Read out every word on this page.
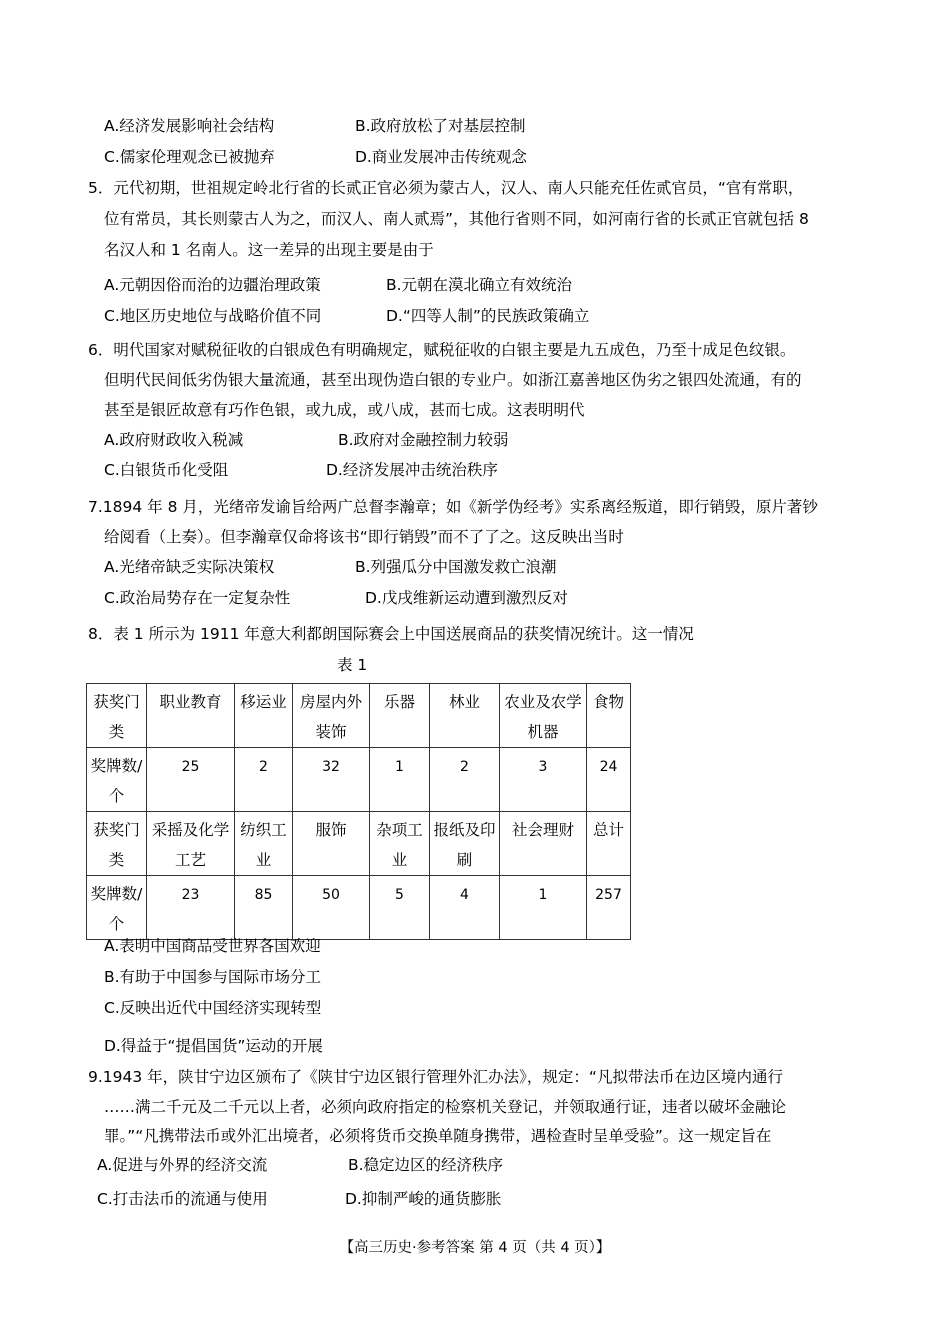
A.经济发展影响社会结构	B.政府放松了对基层控制
C.儒家伦理观念已被抛弃	D.商业发展冲击传统观念
5．元代初期，世祖规定岭北行省的长贰正官必须为蒙古人，汉人、南人只能充任佐贰官员，“官有常职，
位有常员，其长则蒙古人为之，而汉人、南人贰焉”，其他行省则不同，如河南行省的长贰正官就包括 8
名汉人和 1 名南人。这一差异的出现主要是由于
A.元朝因俗而治的边疆治理政策	B.元朝在漠北确立有效统治
C.地区历史地位与战略价值不同	D.“四等人制”的民族政策确立
6．明代国家对赋税征收的白银成色有明确规定，赋税征收的白银主要是九五成色，乃至十成足色纹银。
但明代民间低劣伪银大量流通，甚至出现伪造白银的专业户。如浙江嘉善地区伪劣之银四处流通，有的
甚至是银匠故意有巧作色银，或九成，或八成，甚而七成。这表明明代
A.政府财政收入税减	B.政府对金融控制力较弱
C.白银货币化受阻	D.经济发展冲击统治秩序
7.1894 年 8 月，光绪帝发谕旨给两广总督李瀚章；如《新学伪经考》实系离经叛道，即行销毁，原片著钞
给阅看（上奏）。但李瀚章仅命将该书“即行销毁”而不了了之。这反映出当时
A.光绪帝缺乏实际决策权	B.列强瓜分中国激发救亡浪潮
C.政治局势存在一定复杂性	D.戊戌维新运动遭到激烈反对
8．表 1 所示为 1911 年意大利都朗国际赛会上中国送展商品的获奖情况统计。这一情况
表 1
获奖门类	职业教育	移运业	房屋内外装饰	乐器	林业	农业及农学机器	食物
奖牌数/个	25	2	32	1	2	3	24
获奖门类	采摇及化学工艺	纺织工业	服饰	杂项工业	报纸及印刷	社会理财	总计
奖牌数/个	23	85	50	5	4	1	257
A.表明中国商品受世界各国欢迎
B.有助于中国参与国际市场分工
C.反映出近代中国经济实现转型
D.得益于“提倡国货”运动的开展
9.1943 年，陕甘宁边区颁布了《陕甘宁边区银行管理外汇办法》，规定：“凡拟带法币在边区境内通行
……满二千元及二千元以上者，必须向政府指定的检察机关登记，并领取通行证，违者以破坏金融论
罪。”“凡携带法币或外汇出境者，必须将货币交换单随身携带，遇检查时呈单受验”。这一规定旨在
A.促进与外界的经济交流	B.稳定边区的经济秩序
C.打击法币的流通与使用	D.抑制严峻的通货膨胀
【高三历史·参考答案 第 4 页（共 4 页）】
